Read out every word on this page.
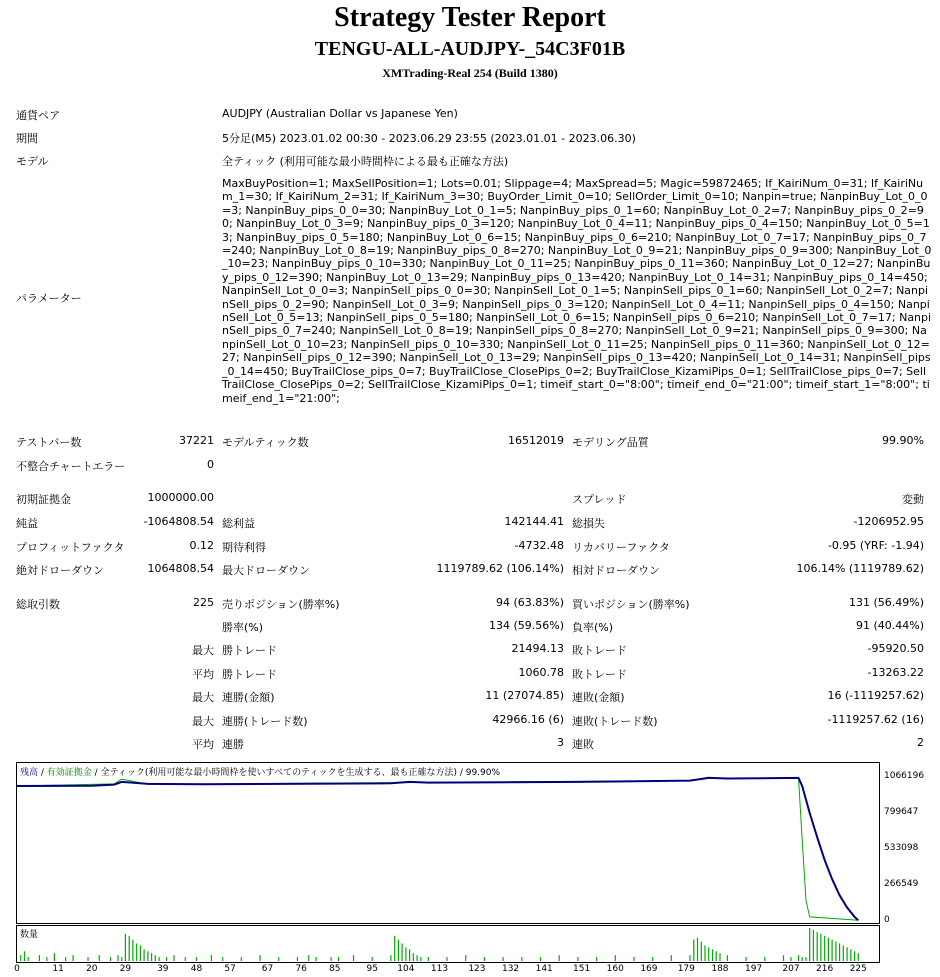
Strategy Tester Report
TENGU-ALL-AUDJPY-_54C3F01B
XMTrading-Real 254 (Build 1380)
通貨ペア	AUDJPY (Australian Dollar vs Japanese Yen)
期間	5分足(M5) 2023.01.02 00:30 - 2023.06.29 23:55 (2023.01.01 - 2023.06.30)
モデル	全ティック (利用可能な最小時間枠による最も正確な方法)
パラメーター
MaxBuyPosition=1; MaxSellPosition=1; Lots=0.01; Slippage=4; MaxSpread=5; Magic=59872465; If_KairiNum_0=31; If_KairiNum_1=30; If_KairiNum_2=31; If_KairiNum_3=30; BuyOrder_Limit_0=10; SellOrder_Limit_0=10; Nanpin=true; NanpinBuy_Lot_0_0=3; NanpinBuy_pips_0_0=30; NanpinBuy_Lot_0_1=5; NanpinBuy_pips_0_1=60; NanpinBuy_Lot_0_2=7; NanpinBuy_pips_0_2=90; NanpinBuy_Lot_0_3=9; NanpinBuy_pips_0_3=120; NanpinBuy_Lot_0_4=11; NanpinBuy_pips_0_4=150; NanpinBuy_Lot_0_5=13; NanpinBuy_pips_0_5=180; NanpinBuy_Lot_0_6=15; NanpinBuy_pips_0_6=210; NanpinBuy_Lot_0_7=17; NanpinBuy_pips_0_7=240; NanpinBuy_Lot_0_8=19; NanpinBuy_pips_0_8=270; NanpinBuy_Lot_0_9=21; NanpinBuy_pips_0_9=300; NanpinBuy_Lot_0_10=23; NanpinBuy_pips_0_10=330; NanpinBuy_Lot_0_11=25; NanpinBuy_pips_0_11=360; NanpinBuy_Lot_0_12=27; NanpinBuy_pips_0_12=390; NanpinBuy_Lot_0_13=29; NanpinBuy_pips_0_13=420; NanpinBuy_Lot_0_14=31; NanpinBuy_pips_0_14=450; NanpinSell_Lot_0_0=3; NanpinSell_pips_0_0=30; NanpinSell_Lot_0_1=5; NanpinSell_pips_0_1=60; NanpinSell_Lot_0_2=7; NanpinSell_pips_0_2=90; NanpinSell_Lot_0_3=9; NanpinSell_pips_0_3=120; NanpinSell_Lot_0_4=11; NanpinSell_pips_0_4=150; NanpinSell_Lot_0_5=13; NanpinSell_pips_0_5=180; NanpinSell_Lot_0_6=15; NanpinSell_pips_0_6=210; NanpinSell_Lot_0_7=17; NanpinSell_pips_0_7=240; NanpinSell_Lot_0_8=19; NanpinSell_pips_0_8=270; NanpinSell_Lot_0_9=21; NanpinSell_pips_0_9=300; NanpinSell_Lot_0_10=23; NanpinSell_pips_0_10=330; NanpinSell_Lot_0_11=25; NanpinSell_pips_0_11=360; NanpinSell_Lot_0_12=27; NanpinSell_pips_0_12=390; NanpinSell_Lot_0_13=29; NanpinSell_pips_0_13=420; NanpinSell_Lot_0_14=31; NanpinSell_pips_0_14=450; BuyTrailClose_pips_0=7; BuyTrailClose_ClosePips_0=2; BuyTrailClose_KizamiPips_0=1; SellTrailClose_pips_0=7; SellTrailClose_ClosePips_0=2; SellTrailClose_KizamiPips_0=1; timeif_start_0="8:00"; timeif_end_0="21:00"; timeif_start_1="8:00"; timeif_end_1="21:00";
テストバー数	37221 モデルティック数	16512019 モデリング品質	99.90%
不整合チャートエラー	0
初期証拠金	1000000.00	スプレッド	変動
純益	-1064808.54 総利益	142144.41 総損失	-1206952.95
プロフィットファクタ	0.12 期待利得	-4732.48 リカバリーファクタ	-0.95 (YRF: -1.94)
絶対ドローダウン	1064808.54 最大ドローダウン	1119789.62 (106.14%) 相対ドローダウン	106.14% (1119789.62)
総取引数	225 売りポジション(勝率%)	94 (63.83%) 買いポジション(勝率%)	131 (56.49%)
勝率(%)	134 (59.56%) 負率(%)	91 (40.44%)
最大 勝トレード	21494.13 敗トレード	-95920.50
平均 勝トレード	1060.78 敗トレード	-13263.22
最大 連勝(金額)	11 (27074.85) 連敗(金額)	16 (-1119257.62)
最大 連勝(トレード数)	42966.16 (6) 連敗(トレード数)	-1119257.62 (16)
平均 連勝	3 連敗	2
残高 / 有効証拠金 / 全ティック(利用可能な最小時間枠を使いすべてのティックを生成する、最も正確な方法) / 99.90%
数量
1066196
799647
533098
266549
0
0	11 20 29	39 48 57	67 76 85	95 104 113 123 132 141 151 160 169 179 188 197 207 216 225
